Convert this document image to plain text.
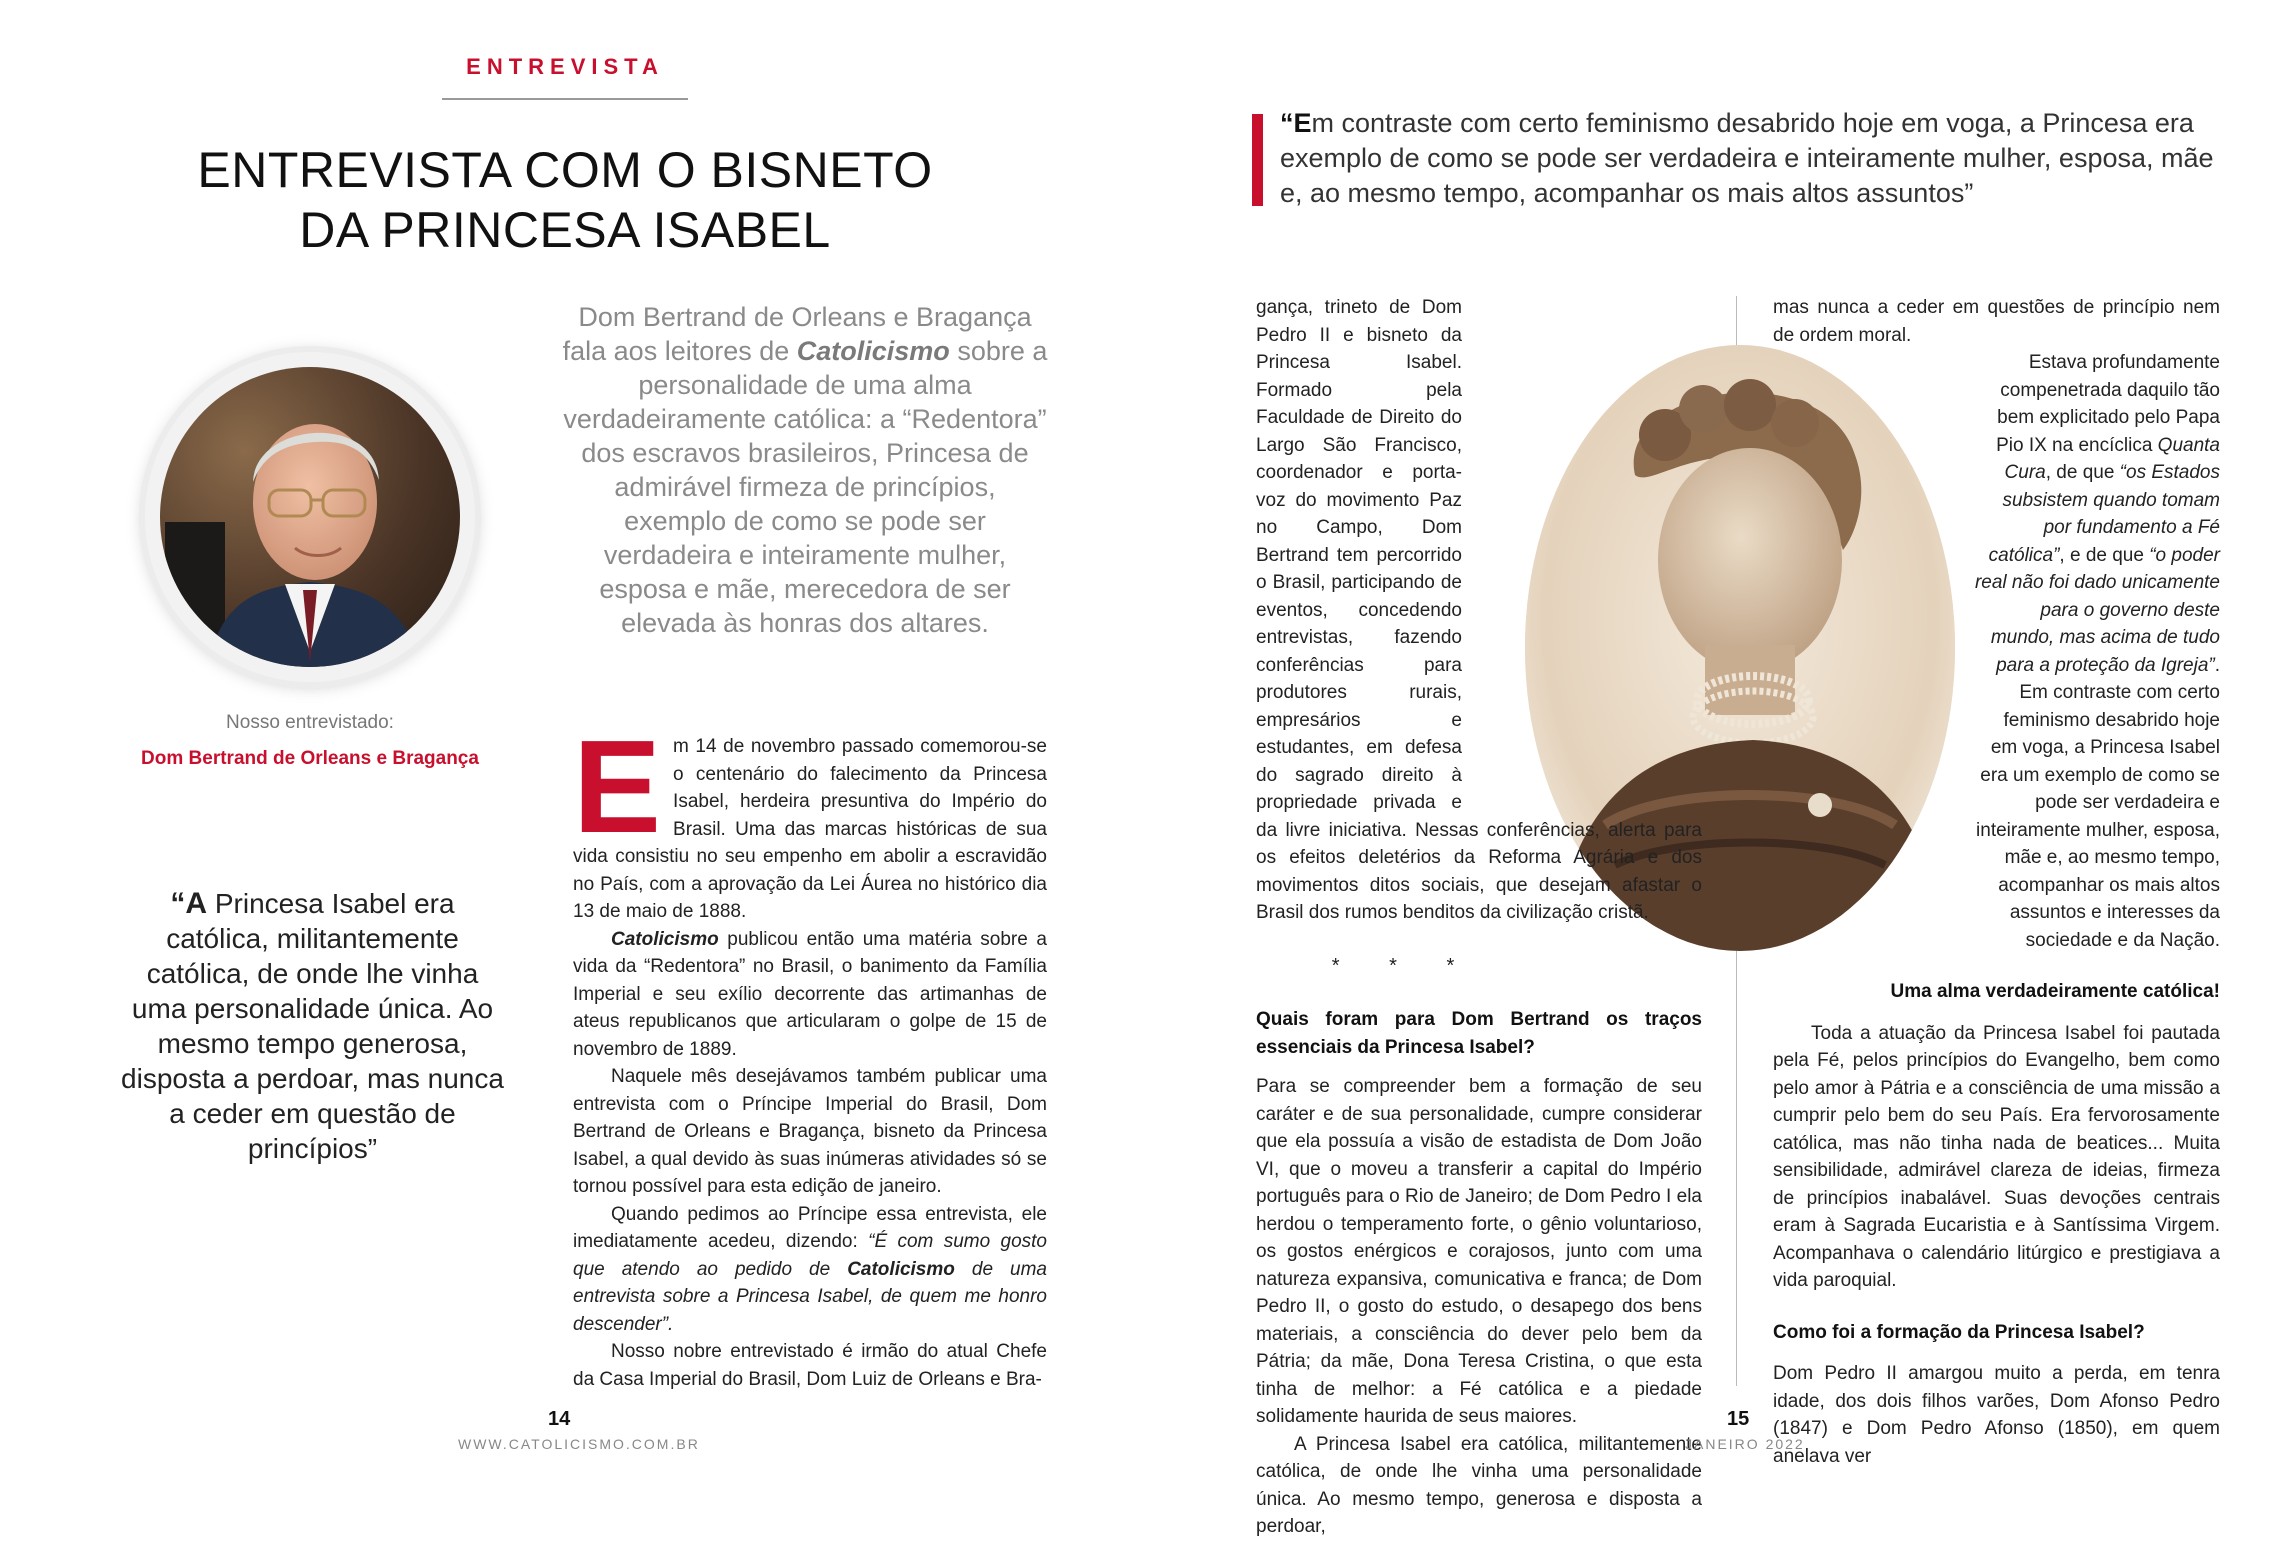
ENTREVISTA
ENTREVISTA COM O BISNETO
DA PRINCESA ISABEL
Nosso entrevistado:
Dom Bertrand de Orleans e Bragança
“A Princesa Isabel era católica, militantemente católica, de onde lhe vinha uma personalidade única. Ao mesmo tempo generosa, disposta a perdoar, mas nunca a ceder em questão de princípios”
Dom Bertrand de Orleans e Bragança fala aos leitores de Catolicismo sobre a personalidade de uma alma verdadeiramente católica: a “Redentora” dos escravos brasileiros, Princesa de admirável firmeza de princípios, exemplo de como se pode ser verdadeira e inteiramente mulher, esposa e mãe, merecedora de ser elevada às honras dos altares.

Em 14 de novembro passado comemorou-se o centenário do falecimento da Princesa Isabel, herdeira presuntiva do Império do Brasil. Uma das marcas históricas de sua vida consistiu no seu empenho em abolir a escravidão no País, com a aprovação da Lei Áurea no histórico dia 13 de maio de 1888.

Catolicismo publicou então uma matéria sobre a vida da “Redentora” no Brasil, o banimento da Família Imperial e seu exílio decorrente das artimanhas de ateus republicanos que articularam o golpe de 15 de novembro de 1889.

Naquele mês desejávamos também publicar uma entrevista com o Príncipe Imperial do Brasil, Dom Bertrand de Orleans e Bragança, bisneto da Princesa Isabel, a qual devido às suas inúmeras atividades só se tornou possível para esta edição de janeiro.

Quando pedimos ao Príncipe essa entrevista, ele imediatamente acedeu, dizendo: “É com sumo gosto que atendo ao pedido de Catolicismo de uma entrevista sobre a Princesa Isabel, de quem me honro descender”.

Nosso nobre entrevistado é irmão do atual Chefe da Casa Imperial do Brasil, Dom Luiz de Orleans e Bra-

14
WWW.CATOLICISMO.COM.BR
“Em contraste com certo feminismo desabrido hoje em voga, a Princesa era exemplo de como se pode ser verdadeira e inteiramente mulher, esposa, mãe e, ao mesmo tempo, acompanhar os mais altos assuntos”

gança, trineto de Dom Pedro II e bisneto da Princesa Isabel. Formado pela Faculdade de Direito do Largo São Francisco, coordenador e porta-voz do movimento Paz no Campo, Dom Bertrand tem percorrido o Brasil, participando de eventos, concedendo entrevistas, fazendo conferências para produtores rurais, empresários e estudantes, em defesa do sagrado direito à propriedade privada e da livre iniciativa. Nessas conferências, alerta para os efeitos deletérios da Reforma Agrária e dos movimentos ditos sociais, que desejam afastar o Brasil dos rumos benditos da civilização cristã.

* * *

Quais foram para Dom Bertrand os traços essenciais da Princesa Isabel?

Para se compreender bem a formação de seu caráter e de sua personalidade, cumpre considerar que ela possuía a visão de estadista de Dom João VI, que o moveu a transferir a capital do Império português para o Rio de Janeiro; de Dom Pedro I ela herdou o temperamento forte, o gênio voluntarioso, os gostos enérgicos e corajosos, junto com uma natureza expansiva, comunicativa e franca; de Dom Pedro II, o gosto do estudo, o desapego dos bens materiais, a consciência do dever pelo bem da Pátria; da mãe, Dona Teresa Cristina, o que esta tinha de melhor: a Fé católica e a piedade solidamente haurida de seus maiores.

A Princesa Isabel era católica, militantemente católica, de onde lhe vinha uma personalidade única. Ao mesmo tempo, generosa e disposta a perdoar,

mas nunca a ceder em questões de princípio nem de ordem moral.

Estava profundamente compenetrada daquilo tão bem explicitado pelo Papa Pio IX na encíclica Quanta Cura, de que “os Estados subsistem quando tomam por fundamento a Fé católica”, e de que “o poder real não foi dado unicamente para o governo deste mundo, mas acima de tudo para a proteção da Igreja”.

Em contraste com certo feminismo desabrido hoje em voga, a Princesa Isabel era um exemplo de como se pode ser verdadeira e inteiramente mulher, esposa, mãe e, ao mesmo tempo, acompanhar os mais altos assuntos e interesses da sociedade e da Nação.

Uma alma verdadeiramente católica!

Toda a atuação da Princesa Isabel foi pautada pela Fé, pelos princípios do Evangelho, bem como pelo amor à Pátria e a consciência de uma missão a cumprir pelo bem do seu País. Era fervorosamente católica, mas não tinha nada de beatices... Muita sensibilidade, admirável clareza de ideias, firmeza de princípios inabalável. Suas devoções centrais eram à Sagrada Eucaristia e à Santíssima Virgem. Acompanhava o calendário litúrgico e prestigiava a vida paroquial.

Como foi a formação da Princesa Isabel?

Dom Pedro II amargou muito a perda, em tenra idade, dos dois filhos varões, Dom Afonso Pedro (1847) e Dom Pedro Afonso (1850), em quem anelava ver

15
JANEIRO 2022
